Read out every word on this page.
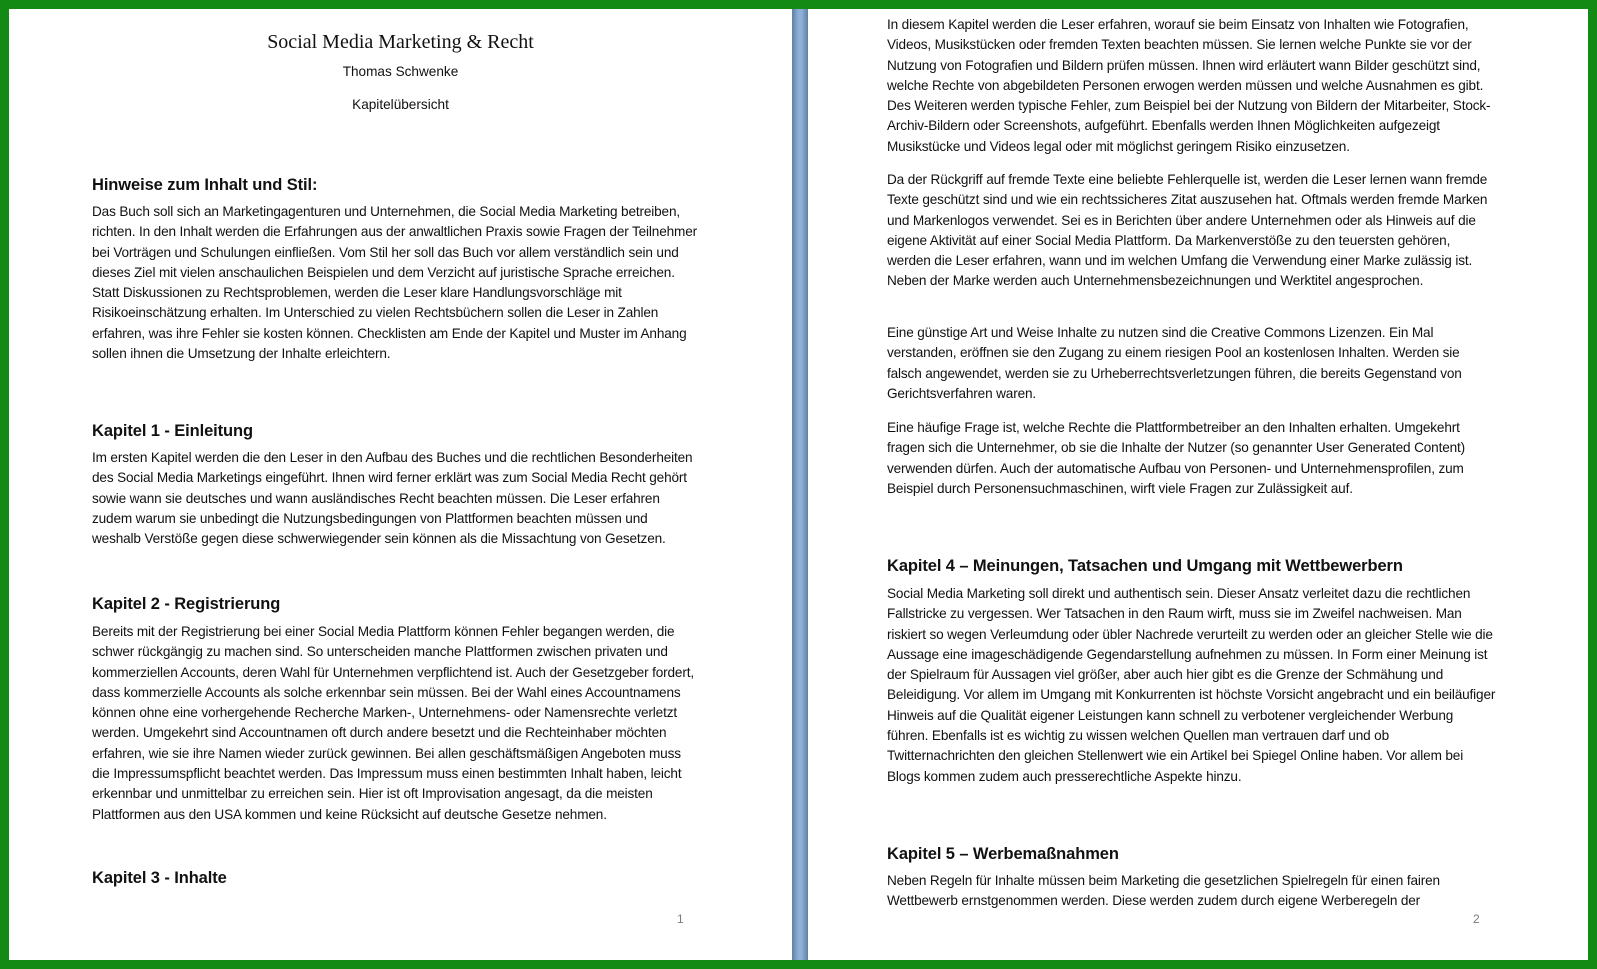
Social Media Marketing & Recht
Thomas Schwenke
Kapitelübersicht
Hinweise zum Inhalt und Stil:

Das Buch soll sich an Marketingagenturen und Unternehmen, die Social Media Marketing betreiben, richten. In den Inhalt werden die Erfahrungen aus der anwaltlichen Praxis sowie Fragen der Teilnehmer bei Vorträgen und Schulungen einfließen. Vom Stil her soll das Buch vor allem verständlich sein und dieses Ziel mit vielen anschaulichen Beispielen und dem Verzicht auf juristische Sprache erreichen. Statt Diskussionen zu Rechtsproblemen, werden die Leser klare Handlungsvorschläge mit Risikoeinschätzung erhalten. Im Unterschied zu vielen Rechtsbüchern sollen die Leser in Zahlen erfahren, was ihre Fehler sie kosten können. Checklisten am Ende der Kapitel und Muster im Anhang sollen ihnen die Umsetzung der Inhalte erleichtern.

Kapitel 1 - Einleitung

Im ersten Kapitel werden die den Leser in den Aufbau des Buches und die rechtlichen Besonderheiten des Social Media Marketings eingeführt. Ihnen wird ferner erklärt was zum Social Media Recht gehört sowie wann sie deutsches und wann ausländisches Recht beachten müssen. Die Leser erfahren zudem warum sie unbedingt die Nutzungsbedingungen von Plattformen beachten müssen und weshalb Verstöße gegen diese schwerwiegender sein können als die Missachtung von Gesetzen.

Kapitel 2 - Registrierung

Bereits mit der Registrierung bei einer Social Media Plattform können Fehler begangen werden, die schwer rückgängig zu machen sind. So unterscheiden manche Plattformen zwischen privaten und kommerziellen Accounts, deren Wahl für Unternehmen verpflichtend ist. Auch der Gesetzgeber fordert, dass kommerzielle Accounts als solche erkennbar sein müssen. Bei der Wahl eines Accountnamens können ohne eine vorhergehende Recherche Marken-, Unternehmens- oder Namensrechte verletzt werden. Umgekehrt sind Accountnamen oft durch andere besetzt und die Rechteinhaber möchten erfahren, wie sie ihre Namen wieder zurück gewinnen. Bei allen geschäftsmäßigen Angeboten muss die Impressumspflicht beachtet werden. Das Impressum muss einen bestimmten Inhalt haben, leicht erkennbar und unmittelbar zu erreichen sein. Hier ist oft Improvisation angesagt, da die meisten Plattformen aus den USA kommen und keine Rücksicht auf deutsche Gesetze nehmen.

Kapitel 3 - Inhalte
1

In diesem Kapitel werden die Leser erfahren, worauf sie beim Einsatz von Inhalten wie Fotografien, Videos, Musikstücken oder fremden Texten beachten müssen. Sie lernen welche Punkte sie vor der Nutzung von Fotografien und Bildern prüfen müssen. Ihnen wird erläutert wann Bilder geschützt sind, welche Rechte von abgebildeten Personen erwogen werden müssen und welche Ausnahmen es gibt. Des Weiteren werden typische Fehler, zum Beispiel bei der Nutzung von Bildern der Mitarbeiter, Stock-Archiv-Bildern oder Screenshots, aufgeführt. Ebenfalls werden Ihnen Möglichkeiten aufgezeigt Musikstücke und Videos legal oder mit möglichst geringem Risiko einzusetzen.

Da der Rückgriff auf fremde Texte eine beliebte Fehlerquelle ist, werden die Leser lernen wann fremde Texte geschützt sind und wie ein rechtssicheres Zitat auszusehen hat. Oftmals werden fremde Marken und Markenlogos verwendet. Sei es in Berichten über andere Unternehmen oder als Hinweis auf die eigene Aktivität auf einer Social Media Plattform. Da Markenverstöße zu den teuersten gehören, werden die Leser erfahren, wann und im welchen Umfang die Verwendung einer Marke zulässig ist. Neben der Marke werden auch Unternehmensbezeichnungen und Werktitel angesprochen.

Eine günstige Art und Weise Inhalte zu nutzen sind die Creative Commons Lizenzen. Ein Mal verstanden, eröffnen sie den Zugang zu einem riesigen Pool an kostenlosen Inhalten. Werden sie falsch angewendet, werden sie zu Urheberrechtsverletzungen führen, die bereits Gegenstand von Gerichtsverfahren waren.

Eine häufige Frage ist, welche Rechte die Plattformbetreiber an den Inhalten erhalten. Umgekehrt fragen sich die Unternehmer, ob sie die Inhalte der Nutzer (so genannter User Generated Content) verwenden dürfen. Auch der automatische Aufbau von Personen- und Unternehmensprofilen, zum Beispiel durch Personensuchmaschinen, wirft viele Fragen zur Zulässigkeit auf.

Kapitel 4 – Meinungen, Tatsachen und Umgang mit Wettbewerbern

Social Media Marketing soll direkt und authentisch sein. Dieser Ansatz verleitet dazu die rechtlichen Fallstricke zu vergessen. Wer Tatsachen in den Raum wirft, muss sie im Zweifel nachweisen. Man riskiert so wegen Verleumdung oder übler Nachrede verurteilt zu werden oder an gleicher Stelle wie die Aussage eine imageschädigende Gegendarstellung aufnehmen zu müssen. In Form einer Meinung ist der Spielraum für Aussagen viel größer, aber auch hier gibt es die Grenze der Schmähung und Beleidigung. Vor allem im Umgang mit Konkurrenten ist höchste Vorsicht angebracht und ein beiläufiger Hinweis auf die Qualität eigener Leistungen kann schnell zu verbotener vergleichender Werbung führen. Ebenfalls ist es wichtig zu wissen welchen Quellen man vertrauen darf und ob Twitternachrichten den gleichen Stellenwert wie ein Artikel bei Spiegel Online haben. Vor allem bei Blogs kommen zudem auch presserechtliche Aspekte hinzu.

Kapitel 5 – Werbemaßnahmen

Neben Regeln für Inhalte müssen beim Marketing die gesetzlichen Spielregeln für einen fairen Wettbewerb ernstgenommen werden. Diese werden zudem durch eigene Werberegeln der

2
